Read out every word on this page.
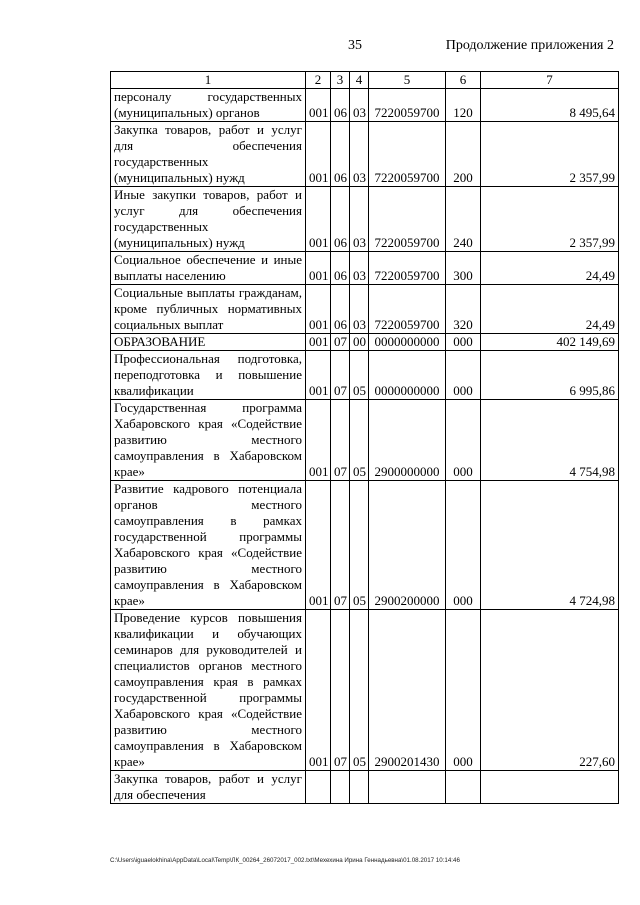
35	Продолжение приложения 2
1	2	3	4	5	6	7
персоналу государственных (муниципальных) органов	001	06	03	7220059700	120	8 495,64
Закупка товаров, работ и услуг для обеспечения государственных (муниципальных) нужд	001	06	03	7220059700	200	2 357,99
Иные закупки товаров, работ и услуг для обеспечения государственных (муниципальных) нужд	001	06	03	7220059700	240	2 357,99
Социальное обеспечение и иные выплаты населению	001	06	03	7220059700	300	24,49
Социальные выплаты гражданам, кроме публичных нормативных социальных выплат	001	06	03	7220059700	320	24,49
ОБРАЗОВАНИЕ	001	07	00	0000000000	000	402 149,69
Профессиональная подготовка, переподготовка и повышение квалификации	001	07	05	0000000000	000	6 995,86
Государственная программа Хабаровского края «Содействие развитию местного самоуправления в Хабаровском крае»	001	07	05	2900000000	000	4 754,98
Развитие кадрового потенциала органов местного самоуправления в рамках государственной программы Хабаровского края «Содействие развитию местного самоуправления в Хабаровском крае»	001	07	05	2900200000	000	4 724,98
Проведение курсов повышения квалификации и обучающих семинаров для руководителей и специалистов органов местного самоуправления края в рамках государственной программы Хабаровского края «Содействие развитию местного самоуправления в Хабаровском крае»	001	07	05	2900201430	000	227,60
Закупка товаров, работ и услуг для обеспечения						
C:\Users\iguaelokhina\AppData\Local\Temp\ЛК_00264_26072017_002.txt\Мехехина Ирина Геннадьевна\01.08.2017 10:14:46
